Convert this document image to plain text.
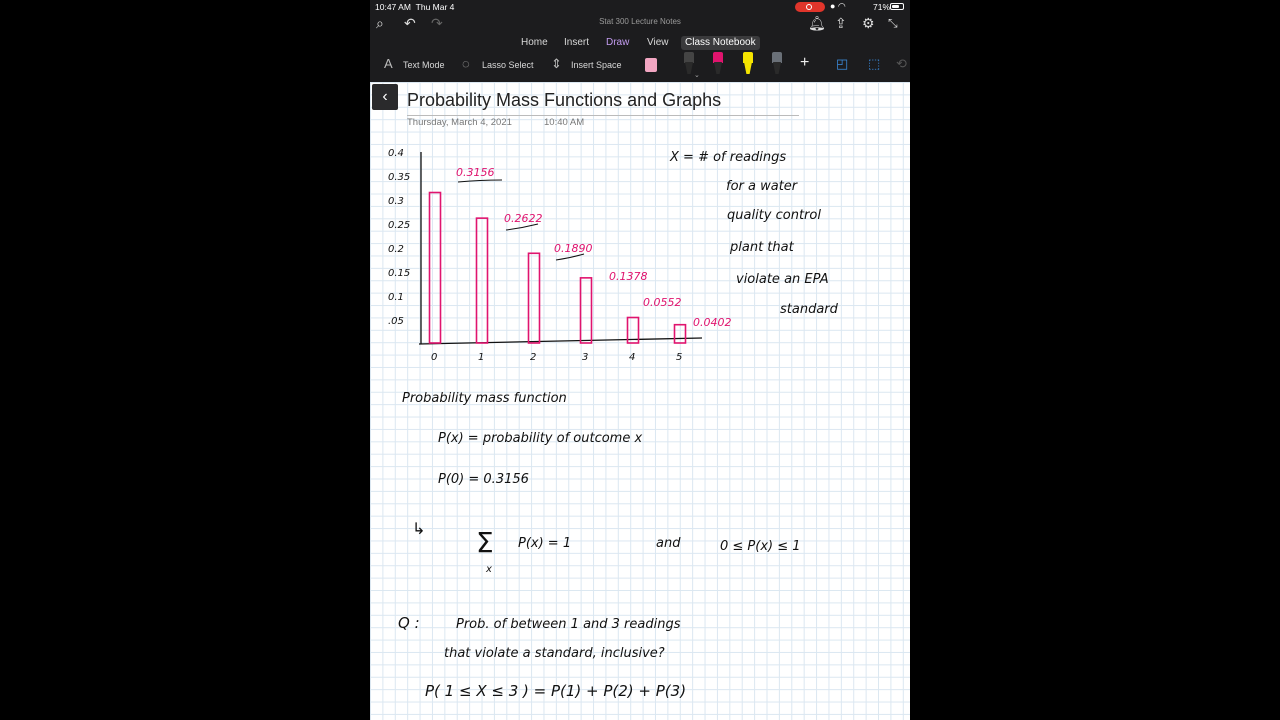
10:47 AM Thu Mar 4	● ◠	71%
⌕ ↶ ↷	Stat 300 Lecture Notes	🔔︎ ⇪ ⚙ ⤡
Home Insert Draw View	Class Notebook
A Text Mode ◌ Lasso Select ⇕ Insert Space
⌄
+ ◰ ⬚ ⟲
‹	Probability Mass Functions and Graphs
Thursday, March 4, 2021	10:40 AM
0.4
0.35
0.3
0.25
0.2
0.15
0.1
.05
0	1	2	3	4	5
0.3156
0.2622
0.1890
0.1378
0.0552
0.0402
X = # of readings
for a water
quality control
plant that
violate an EPA
standard
Probability mass function
P(x) = probability of outcome x
P(0) = 0.3156
↳ Σ
x
P(x) = 1	and	0 ≤ P(x) ≤ 1
Q :	Prob. of between 1 and 3 readings
that violate a standard, inclusive?
P( 1 ≤ X ≤ 3 ) = P(1) + P(2) + P(3)
